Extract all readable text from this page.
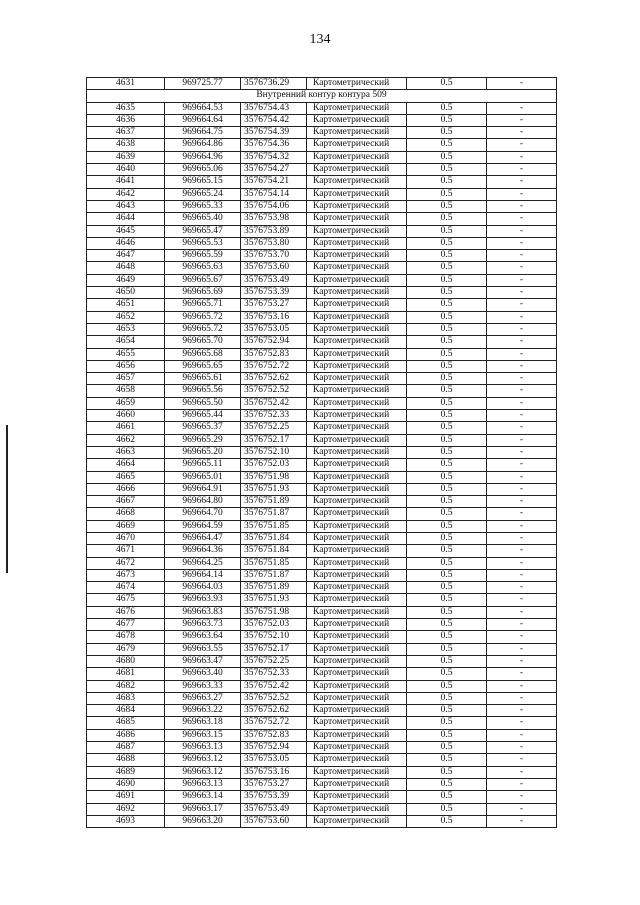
134
4631	969725.77	3576736.29	Картометрический	0.5	-
Внутренний контур контура 509					
4635	969664.53	3576754.43	Картометрический	0.5	-
4636	969664.64	3576754.42	Картометрический	0.5	-
4637	969664.75	3576754.39	Картометрический	0.5	-
4638	969664.86	3576754.36	Картометрический	0.5	-
4639	969664.96	3576754.32	Картометрический	0.5	-
4640	969665.06	3576754.27	Картометрический	0.5	-
4641	969665.15	3576754.21	Картометрический	0.5	-
4642	969665.24	3576754.14	Картометрический	0.5	-
4643	969665.33	3576754.06	Картометрический	0.5	-
4644	969665.40	3576753.98	Картометрический	0.5	-
4645	969665.47	3576753.89	Картометрический	0.5	-
4646	969665.53	3576753.80	Картометрический	0.5	-
4647	969665.59	3576753.70	Картометрический	0.5	-
4648	969665.63	3576753.60	Картометрический	0.5	-
4649	969665.67	3576753.49	Картометрический	0.5	-
4650	969665.69	3576753.39	Картометрический	0.5	-
4651	969665.71	3576753.27	Картометрический	0.5	-
4652	969665.72	3576753.16	Картометрический	0.5	-
4653	969665.72	3576753.05	Картометрический	0.5	-
4654	969665.70	3576752.94	Картометрический	0.5	-
4655	969665.68	3576752.83	Картометрический	0.5	-
4656	969665.65	3576752.72	Картометрический	0.5	-
4657	969665.61	3576752.62	Картометрический	0.5	-
4658	969665.56	3576752.52	Картометрический	0.5	-
4659	969665.50	3576752.42	Картометрический	0.5	-
4660	969665.44	3576752.33	Картометрический	0.5	-
4661	969665.37	3576752.25	Картометрический	0.5	-
4662	969665.29	3576752.17	Картометрический	0.5	-
4663	969665.20	3576752.10	Картометрический	0.5	-
4664	969665.11	3576752.03	Картометрический	0.5	-
4665	969665.01	3576751.98	Картометрический	0.5	-
4666	969664.91	3576751.93	Картометрический	0.5	-
4667	969664.80	3576751.89	Картометрический	0.5	-
4668	969664.70	3576751.87	Картометрический	0.5	-
4669	969664.59	3576751.85	Картометрический	0.5	-
4670	969664.47	3576751.84	Картометрический	0.5	-
4671	969664.36	3576751.84	Картометрический	0.5	-
4672	969664.25	3576751.85	Картометрический	0.5	-
4673	969664.14	3576751.87	Картометрический	0.5	-
4674	969664.03	3576751.89	Картометрический	0.5	-
4675	969663.93	3576751.93	Картометрический	0.5	-
4676	969663.83	3576751.98	Картометрический	0.5	-
4677	969663.73	3576752.03	Картометрический	0.5	-
4678	969663.64	3576752.10	Картометрический	0.5	-
4679	969663.55	3576752.17	Картометрический	0.5	-
4680	969663.47	3576752.25	Картометрический	0.5	-
4681	969663.40	3576752.33	Картометрический	0.5	-
4682	969663.33	3576752.42	Картометрический	0.5	-
4683	969663.27	3576752.52	Картометрический	0.5	-
4684	969663.22	3576752.62	Картометрический	0.5	-
4685	969663.18	3576752.72	Картометрический	0.5	-
4686	969663.15	3576752.83	Картометрический	0.5	-
4687	969663.13	3576752.94	Картометрический	0.5	-
4688	969663.12	3576753.05	Картометрический	0.5	-
4689	969663.12	3576753.16	Картометрический	0.5	-
4690	969663.13	3576753.27	Картометрический	0.5	-
4691	969663.14	3576753.39	Картометрический	0.5	-
4692	969663.17	3576753.49	Картометрический	0.5	-
4693	969663.20	3576753.60	Картометрический	0.5	-
